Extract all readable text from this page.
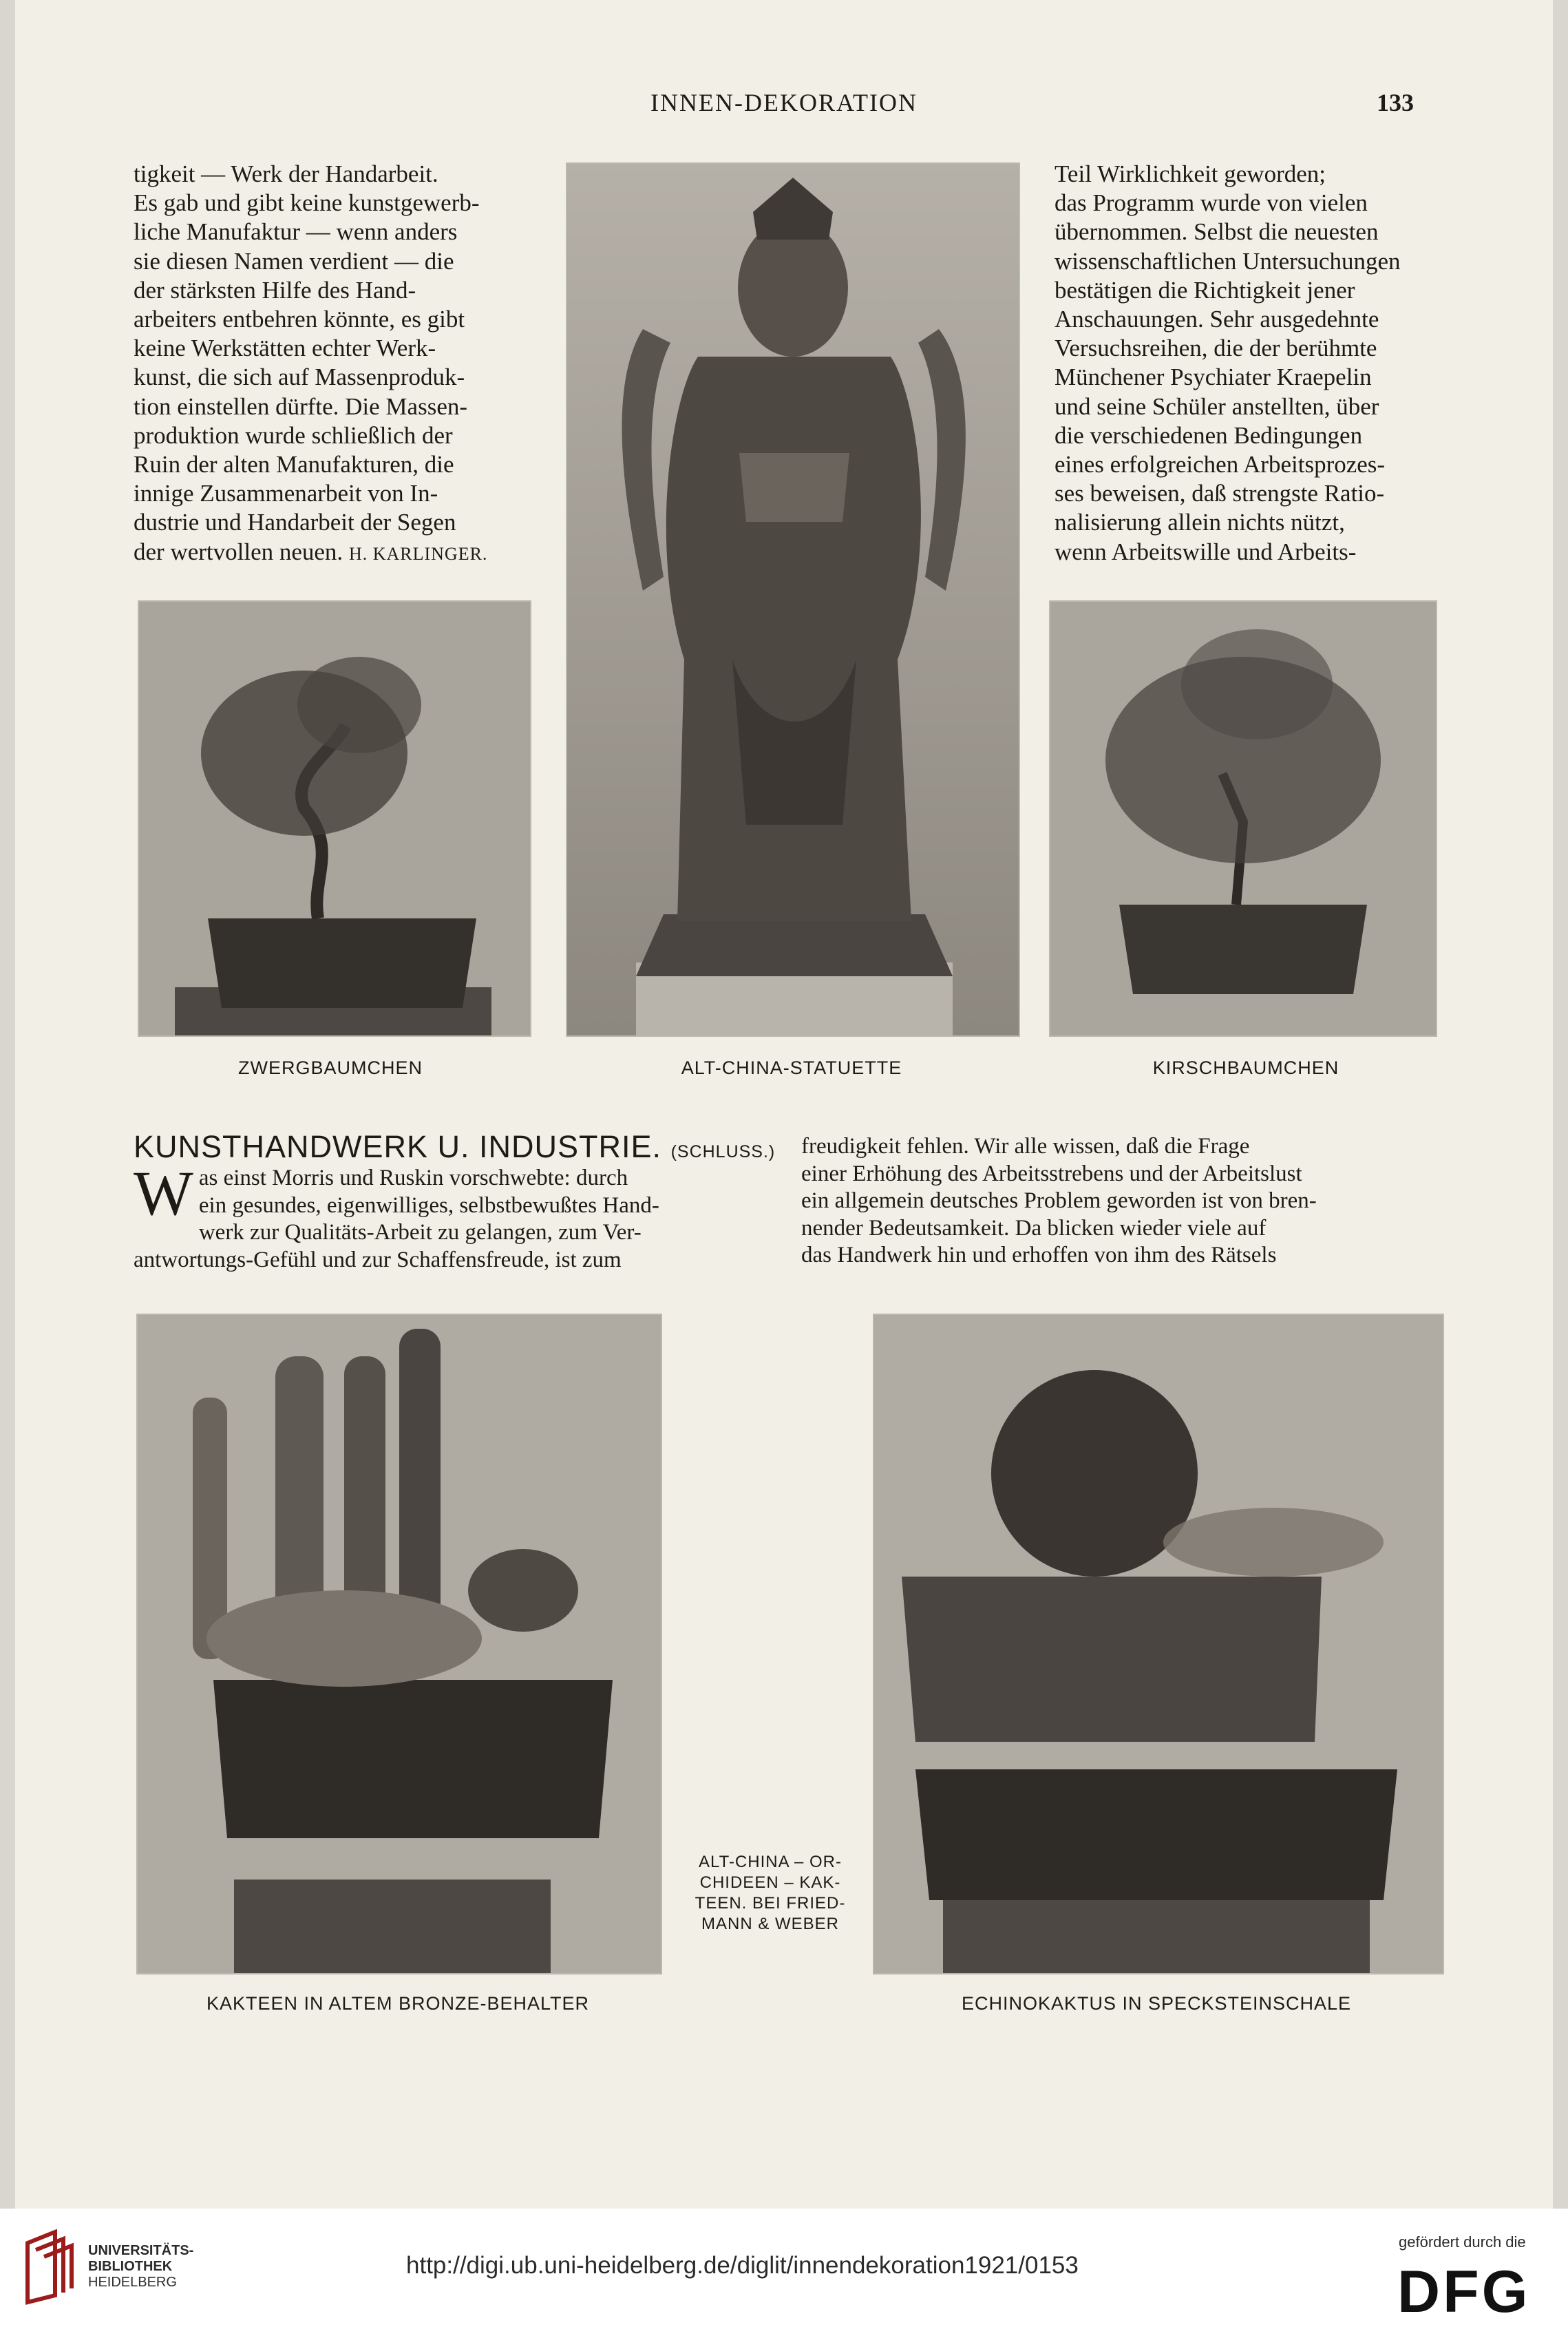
INNEN-DEKORATION	133

tigkeit — Werk der Handarbeit.

Es gab und gibt keine kunstgewerb-

liche Manufaktur — wenn anders

sie diesen Namen verdient — die

der stärksten Hilfe des Hand-

arbeiters entbehren könnte, es gibt

keine Werkstätten echter Werk-

kunst, die sich auf Massenproduk-

tion einstellen dürfte. Die Massen-

produktion wurde schließlich der

Ruin der alten Manufakturen, die

innige Zusammenarbeit von In-

dustrie und Handarbeit der Segen

der wertvollen neuen. H. KARLINGER.

Teil Wirklichkeit geworden;

das Programm wurde von vielen

übernommen. Selbst die neuesten

wissenschaftlichen Untersuchungen

bestätigen die Richtigkeit jener

Anschauungen. Sehr ausgedehnte

Versuchsreihen, die der berühmte

Münchener Psychiater Kraepelin

und seine Schüler anstellten, über

die verschiedenen Bedingungen

eines erfolgreichen Arbeitsprozes-

ses beweisen, daß strengste Ratio-

nalisierung allein nichts nützt,

wenn Arbeitswille und Arbeits-

ZWERGBAUMCHEN	ALT-CHINA-STATUETTE	KIRSCHBAUMCHEN
KUNSTHANDWERK U. INDUSTRIE. (SCHLUSS.)
W as einst Morris und Ruskin vorschwebte: durch

ein gesundes, eigenwilliges, selbstbewußtes Hand-

werk zur Qualitäts-Arbeit zu gelangen, zum Ver-

antwortungs-Gefühl und zur Schaffensfreude, ist zum

freudigkeit fehlen. Wir alle wissen, daß die Frage

einer Erhöhung des Arbeitsstrebens und der Arbeitslust

ein allgemein deutsches Problem geworden ist von bren-

nender Bedeutsamkeit. Da blicken wieder viele auf

das Handwerk hin und erhoffen von ihm des Rätsels

ALT-CHINA – OR-
CHIDEEN – KAK-
TEEN. BEI FRIED-
MANN & WEBER
KAKTEEN IN ALTEM BRONZE-BEHALTER	ECHINOKAKTUS IN SPECKSTEINSCHALE
UNIVERSITÄTS-
BIBLIOTHEK
HEIDELBERG
http://digi.ub.uni-heidelberg.de/diglit/innendekoration1921/0153
gefördert durch die
DFG
